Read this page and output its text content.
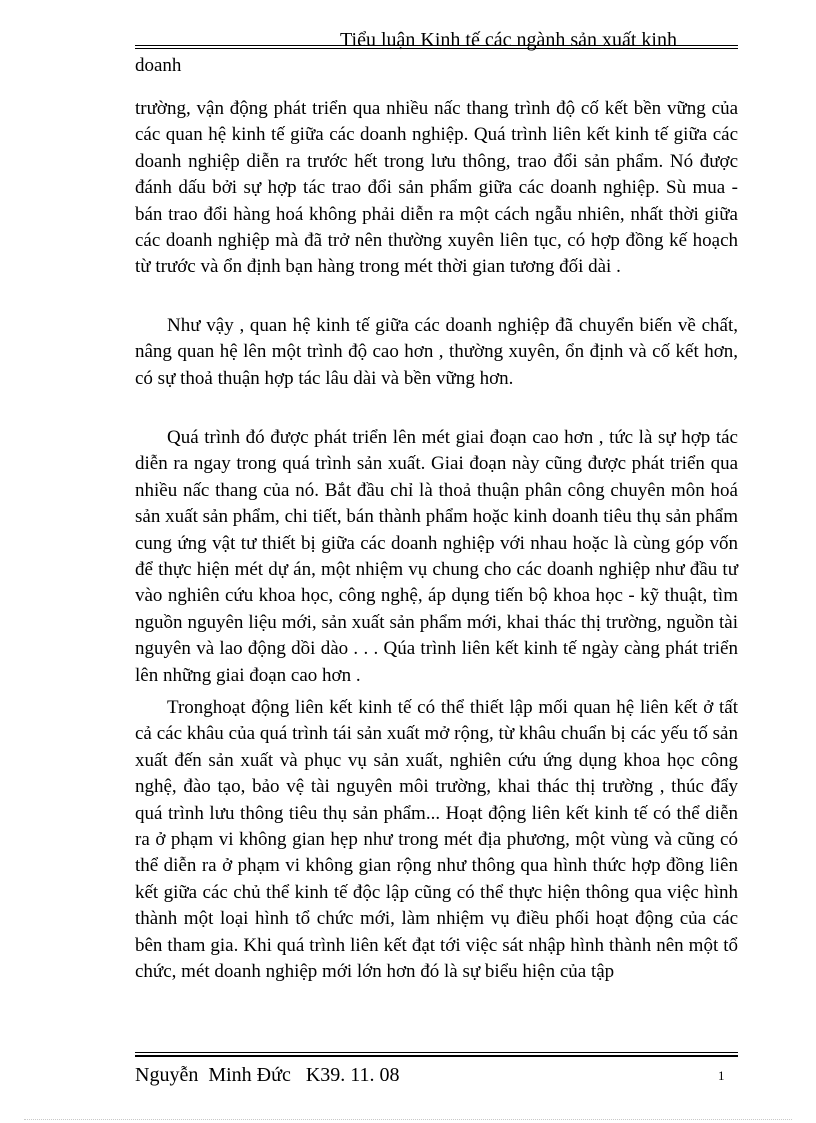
Tiểu luận Kinh tế các ngành sản xuất kinh
doanh

trường, vận động phát triển qua nhiều nấc thang trình độ cố kết bền vững của các quan hệ kinh tế giữa các doanh nghiệp. Quá trình liên kết kinh tế giữa các doanh nghiệp diễn ra trước hết trong lưu thông, trao đổi sản phẩm. Nó được đánh dấu bởi sự hợp tác trao đổi sản phẩm giữa các doanh nghiệp. Sù mua - bán trao đổi hàng hoá không phải diễn ra một cách ngẫu nhiên, nhất thời giữa các doanh nghiệp mà đã trở nên thường xuyên liên tục, có hợp đồng kế hoạch từ trước và ổn định bạn hàng trong mét thời gian tương đối dài .

Như vậy , quan hệ kinh tế giữa các doanh nghiệp đã chuyển biến về chất, nâng quan hệ lên một trình độ cao hơn , thường xuyên, ổn định và cố kết hơn, có sự thoả thuận hợp tác lâu dài và bền vững hơn.

Quá trình đó được phát triển lên mét giai đoạn cao hơn , tức là sự hợp tác diễn ra ngay trong quá trình sản xuất. Giai đoạn này cũng được phát triển qua nhiều nấc thang của nó. Bắt đầu chỉ là thoả thuận phân công chuyên môn hoá sản xuất sản phẩm, chi tiết, bán thành phẩm hoặc kinh doanh tiêu thụ sản phẩm cung ứng vật tư thiết bị giữa các doanh nghiệp với nhau hoặc là cùng góp vốn để thực hiện mét dự án, một nhiệm vụ chung cho các doanh nghiệp như đầu tư vào nghiên cứu khoa học, công nghệ, áp dụng tiến bộ khoa học - kỹ thuật, tìm nguồn nguyên liệu mới, sản xuất sản phẩm mới, khai thác thị trường, nguồn tài nguyên và lao động dồi dào . . . Qúa trình liên kết kinh tế ngày càng phát triển lên những giai đoạn cao hơn .

Tronghoạt động liên kết kinh tế có thể thiết lập mối quan hệ liên kết ở tất cả các khâu của quá trình tái sản xuất mở rộng, từ khâu chuẩn bị các yếu tố sản xuất đến sản xuất và phục vụ sản xuất, nghiên cứu ứng dụng khoa học công nghệ, đào tạo, bảo vệ tài nguyên môi trường, khai thác thị trường , thúc đẩy quá trình lưu thông tiêu thụ sản phẩm... Hoạt động liên kết kinh tế có thể diễn ra ở phạm vi không gian hẹp như trong mét địa phương, một vùng và cũng có thể diễn ra ở phạm vi không gian rộng như thông qua hình thức hợp đồng liên kết giữa các chủ thể kinh tế độc lập cũng có thể thực hiện thông qua việc hình thành một loại hình tổ chức mới, làm nhiệm vụ điều phối hoạt động của các bên tham gia. Khi quá trình liên kết đạt tới việc sát nhập hình thành nên một tổ chức, mét doanh nghiệp mới lớn hơn đó là sự biểu hiện của tập

Nguyễn  Minh Đức   K39. 11. 08	1
